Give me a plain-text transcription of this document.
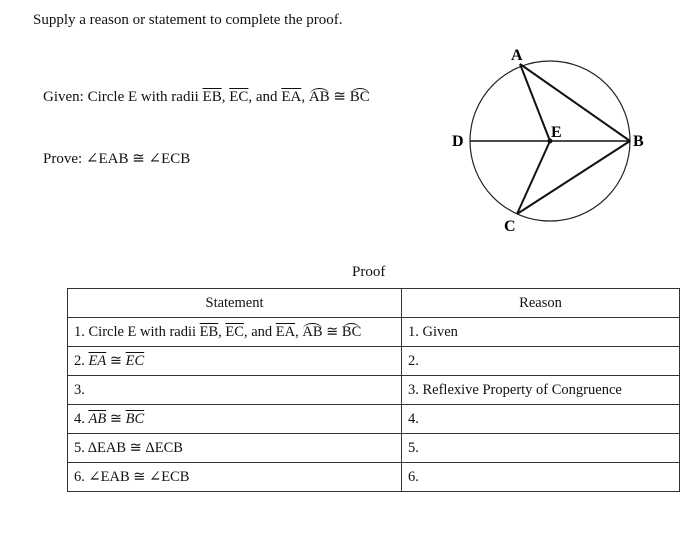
Supply a reason or statement to complete the proof.
Given: Circle E with radii $\overline{EB}$, $\overline{EC}$, and $\overline{EA}$, AB ≅ BC
Prove: ∠EAB ≅ ∠ECB
A
B
C
D
E
Proof
Statement	Reason
1. Circle E with radii $\overline{EB}$, $\overline{EC}$, and $\overline{EA}$, AB ≅ BC	1. Given
2. $\overline{EA}$ ≅ $\overline{EC}$	2.
3.	3. Reflexive Property of Congruence
4. $\overline{AB}$ ≅ $\overline{BC}$	4.
5. ΔEAB ≅ ΔECB	5.
6. ∠EAB ≅ ∠ECB	6.
